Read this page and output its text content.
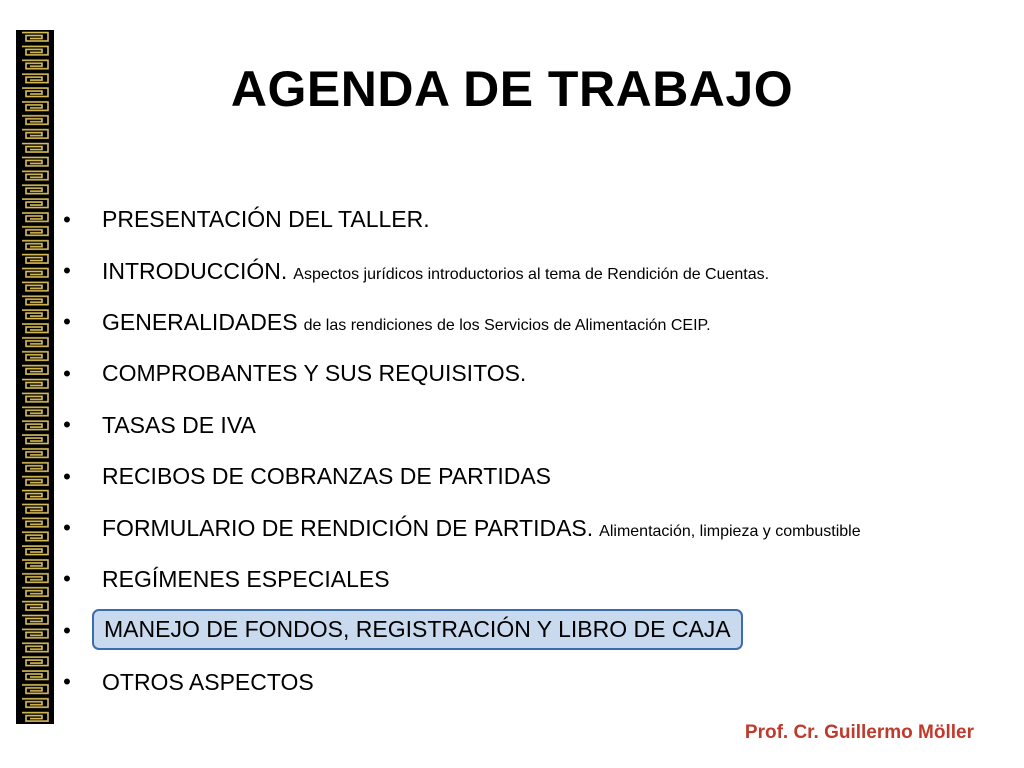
AGENDA DE TRABAJO
• PRESENTACIÓN DEL TALLER.
• INTRODUCCIÓN. Aspectos jurídicos introductorios al tema de Rendición de Cuentas.
• GENERALIDADES de las rendiciones de los Servicios de Alimentación CEIP.
• COMPROBANTES Y SUS REQUISITOS.
• TASAS DE IVA
• RECIBOS DE COBRANZAS DE PARTIDAS
• FORMULARIO DE RENDICIÓN DE PARTIDAS. Alimentación, limpieza y combustible
• REGÍMENES ESPECIALES
• MANEJO DE FONDOS, REGISTRACIÓN Y LIBRO DE CAJA
• OTROS ASPECTOS
Prof. Cr. Guillermo Möller
